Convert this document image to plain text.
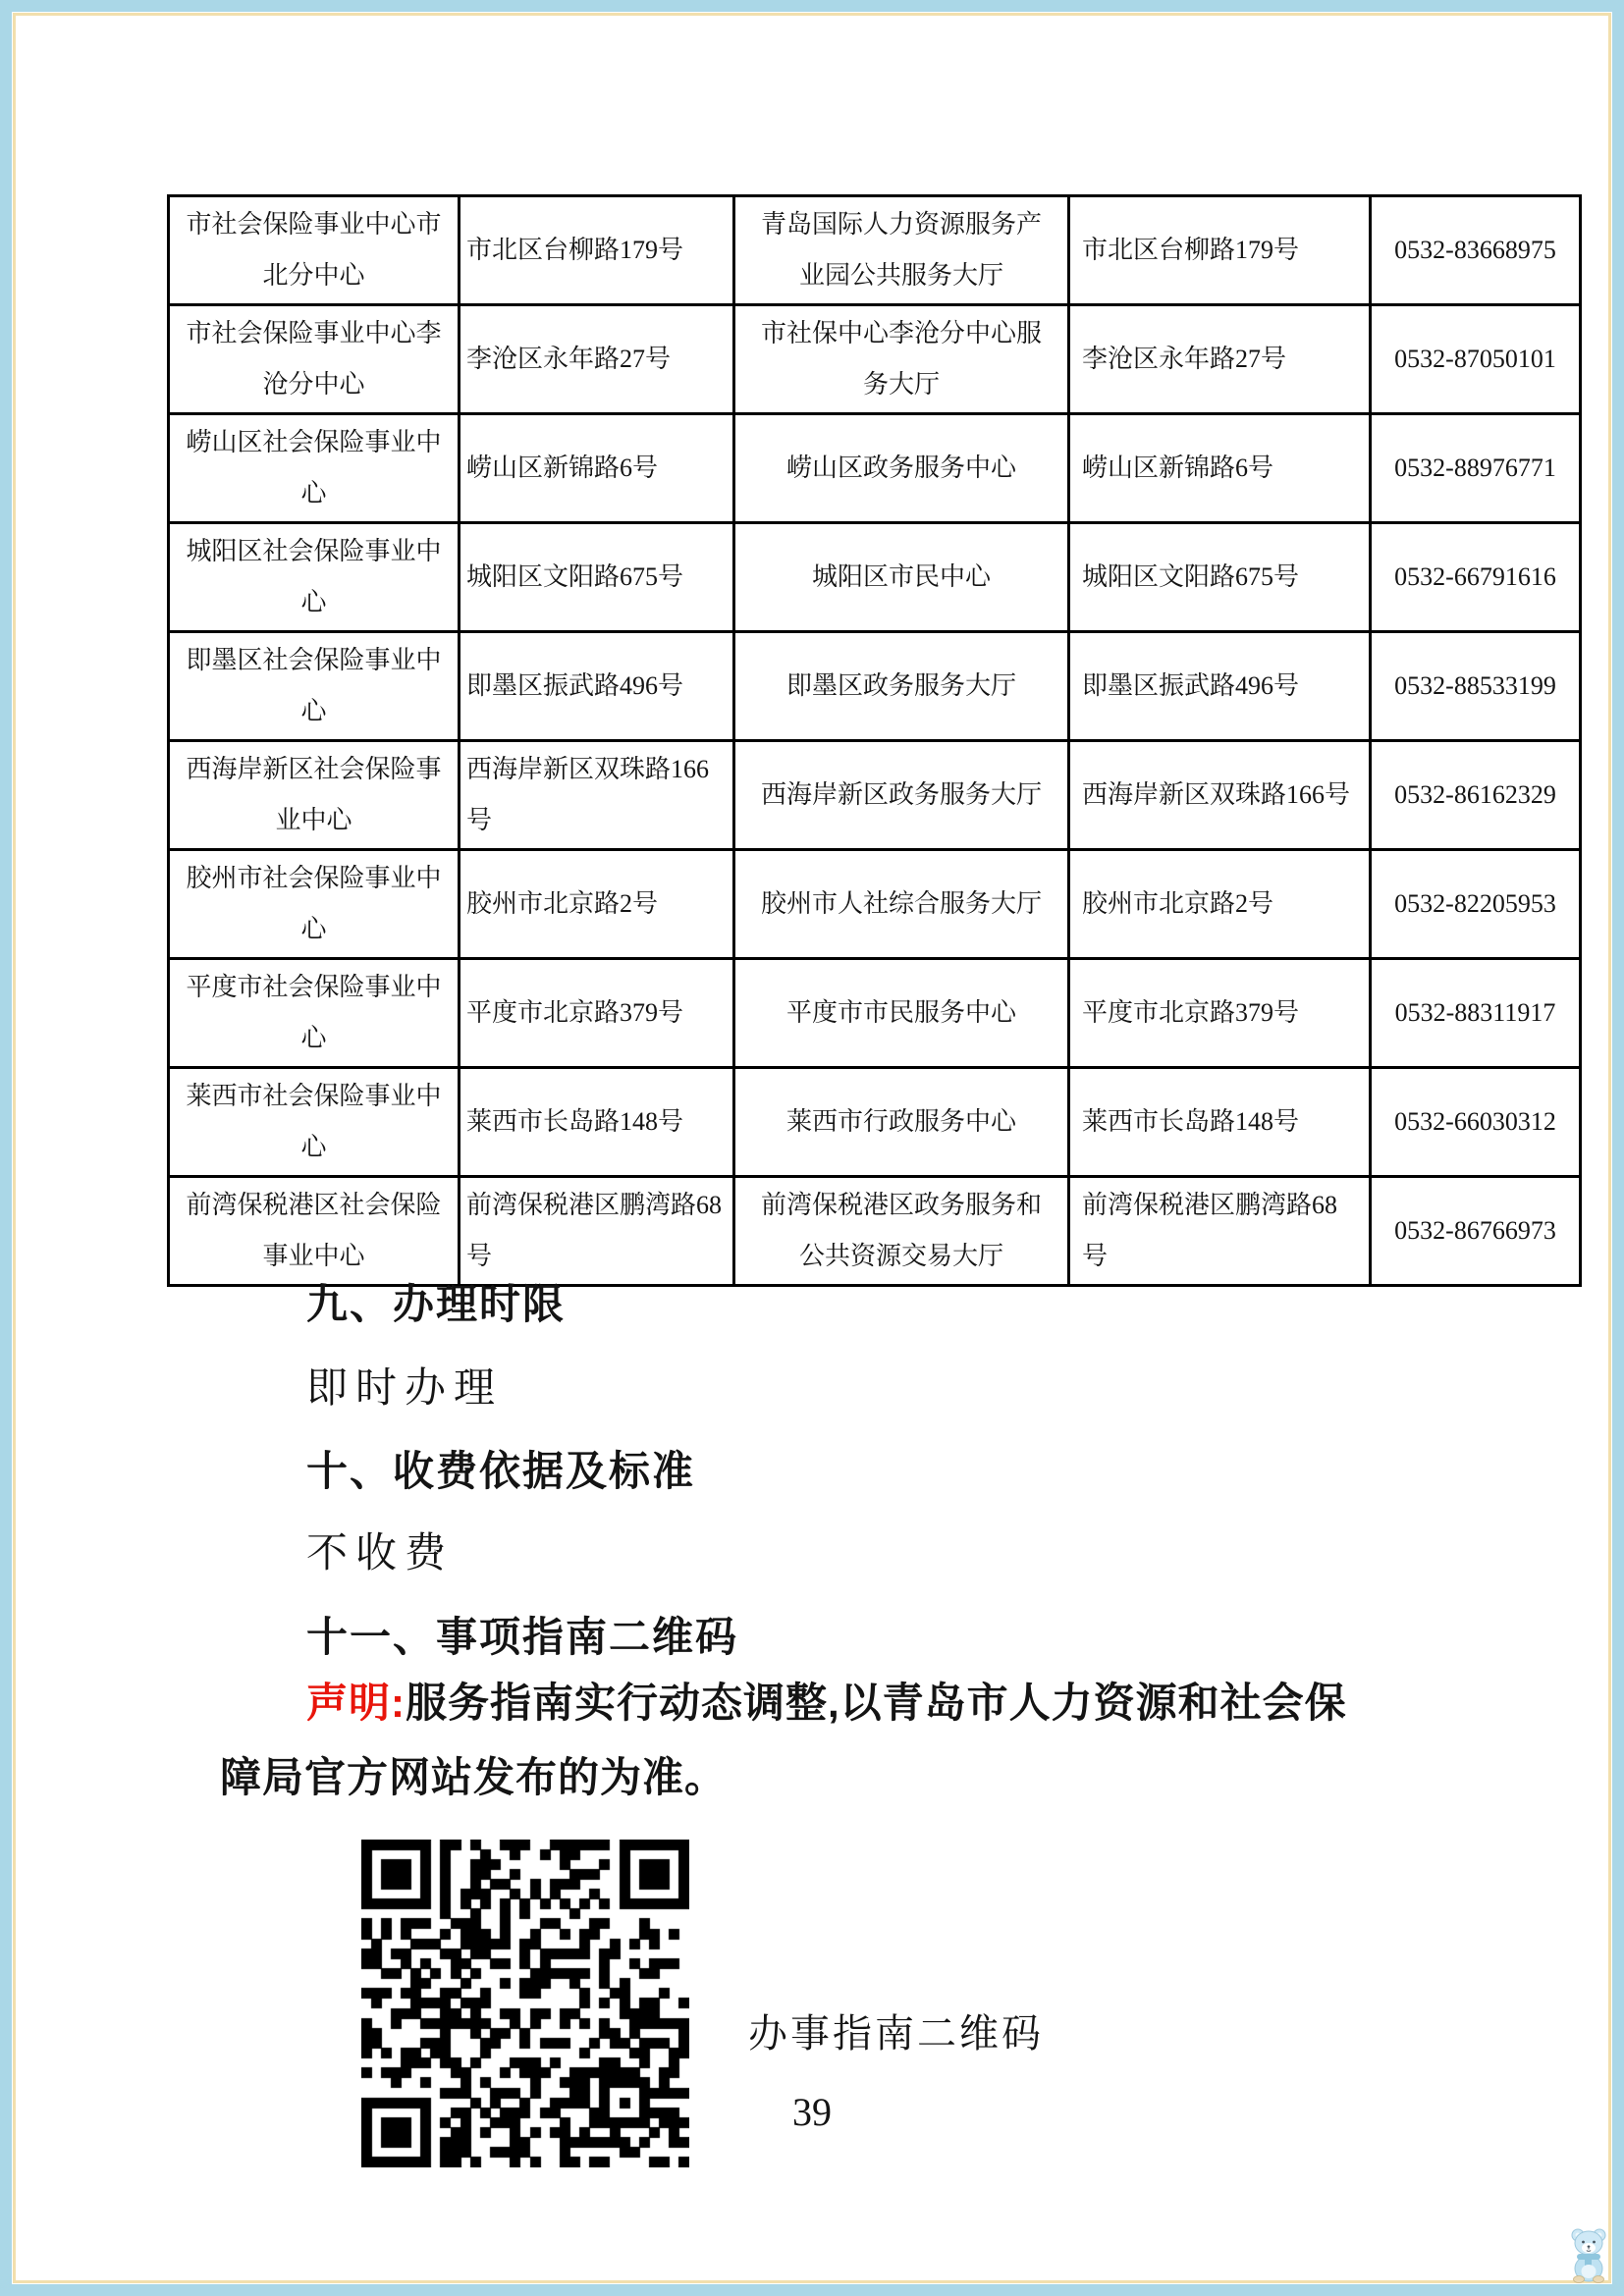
市社会保险事业中心市北分中心	市北区台柳路179号	青岛国际人力资源服务产业园公共服务大厅	市北区台柳路179号	0532-83668975
市社会保险事业中心李沧分中心	李沧区永年路27号	市社保中心李沧分中心服务大厅	李沧区永年路27号	0532-87050101
崂山区社会保险事业中心	崂山区新锦路6号	崂山区政务服务中心	崂山区新锦路6号	0532-88976771
城阳区社会保险事业中心	城阳区文阳路675号	城阳区市民中心	城阳区文阳路675号	0532-66791616
即墨区社会保险事业中心	即墨区振武路496号	即墨区政务服务大厅	即墨区振武路496号	0532-88533199
西海岸新区社会保险事业中心	西海岸新区双珠路166号	西海岸新区政务服务大厅	西海岸新区双珠路166号	0532-86162329
胶州市社会保险事业中心	胶州市北京路2号	胶州市人社综合服务大厅	胶州市北京路2号	0532-82205953
平度市社会保险事业中心	平度市北京路379号	平度市市民服务中心	平度市北京路379号	0532-88311917
莱西市社会保险事业中心	莱西市长岛路148号	莱西市行政服务中心	莱西市长岛路148号	0532-66030312
前湾保税港区社会保险事业中心	前湾保税港区鹏湾路68号	前湾保税港区政务服务和公共资源交易大厅	前湾保税港区鹏湾路68号	0532-86766973
九、办理时限
即时办理
十、收费依据及标准
不收费
十一、事项指南二维码
声明:服务指南实行动态调整,以青岛市人力资源和社会保
障局官方网站发布的为准。
办事指南二维码
39
